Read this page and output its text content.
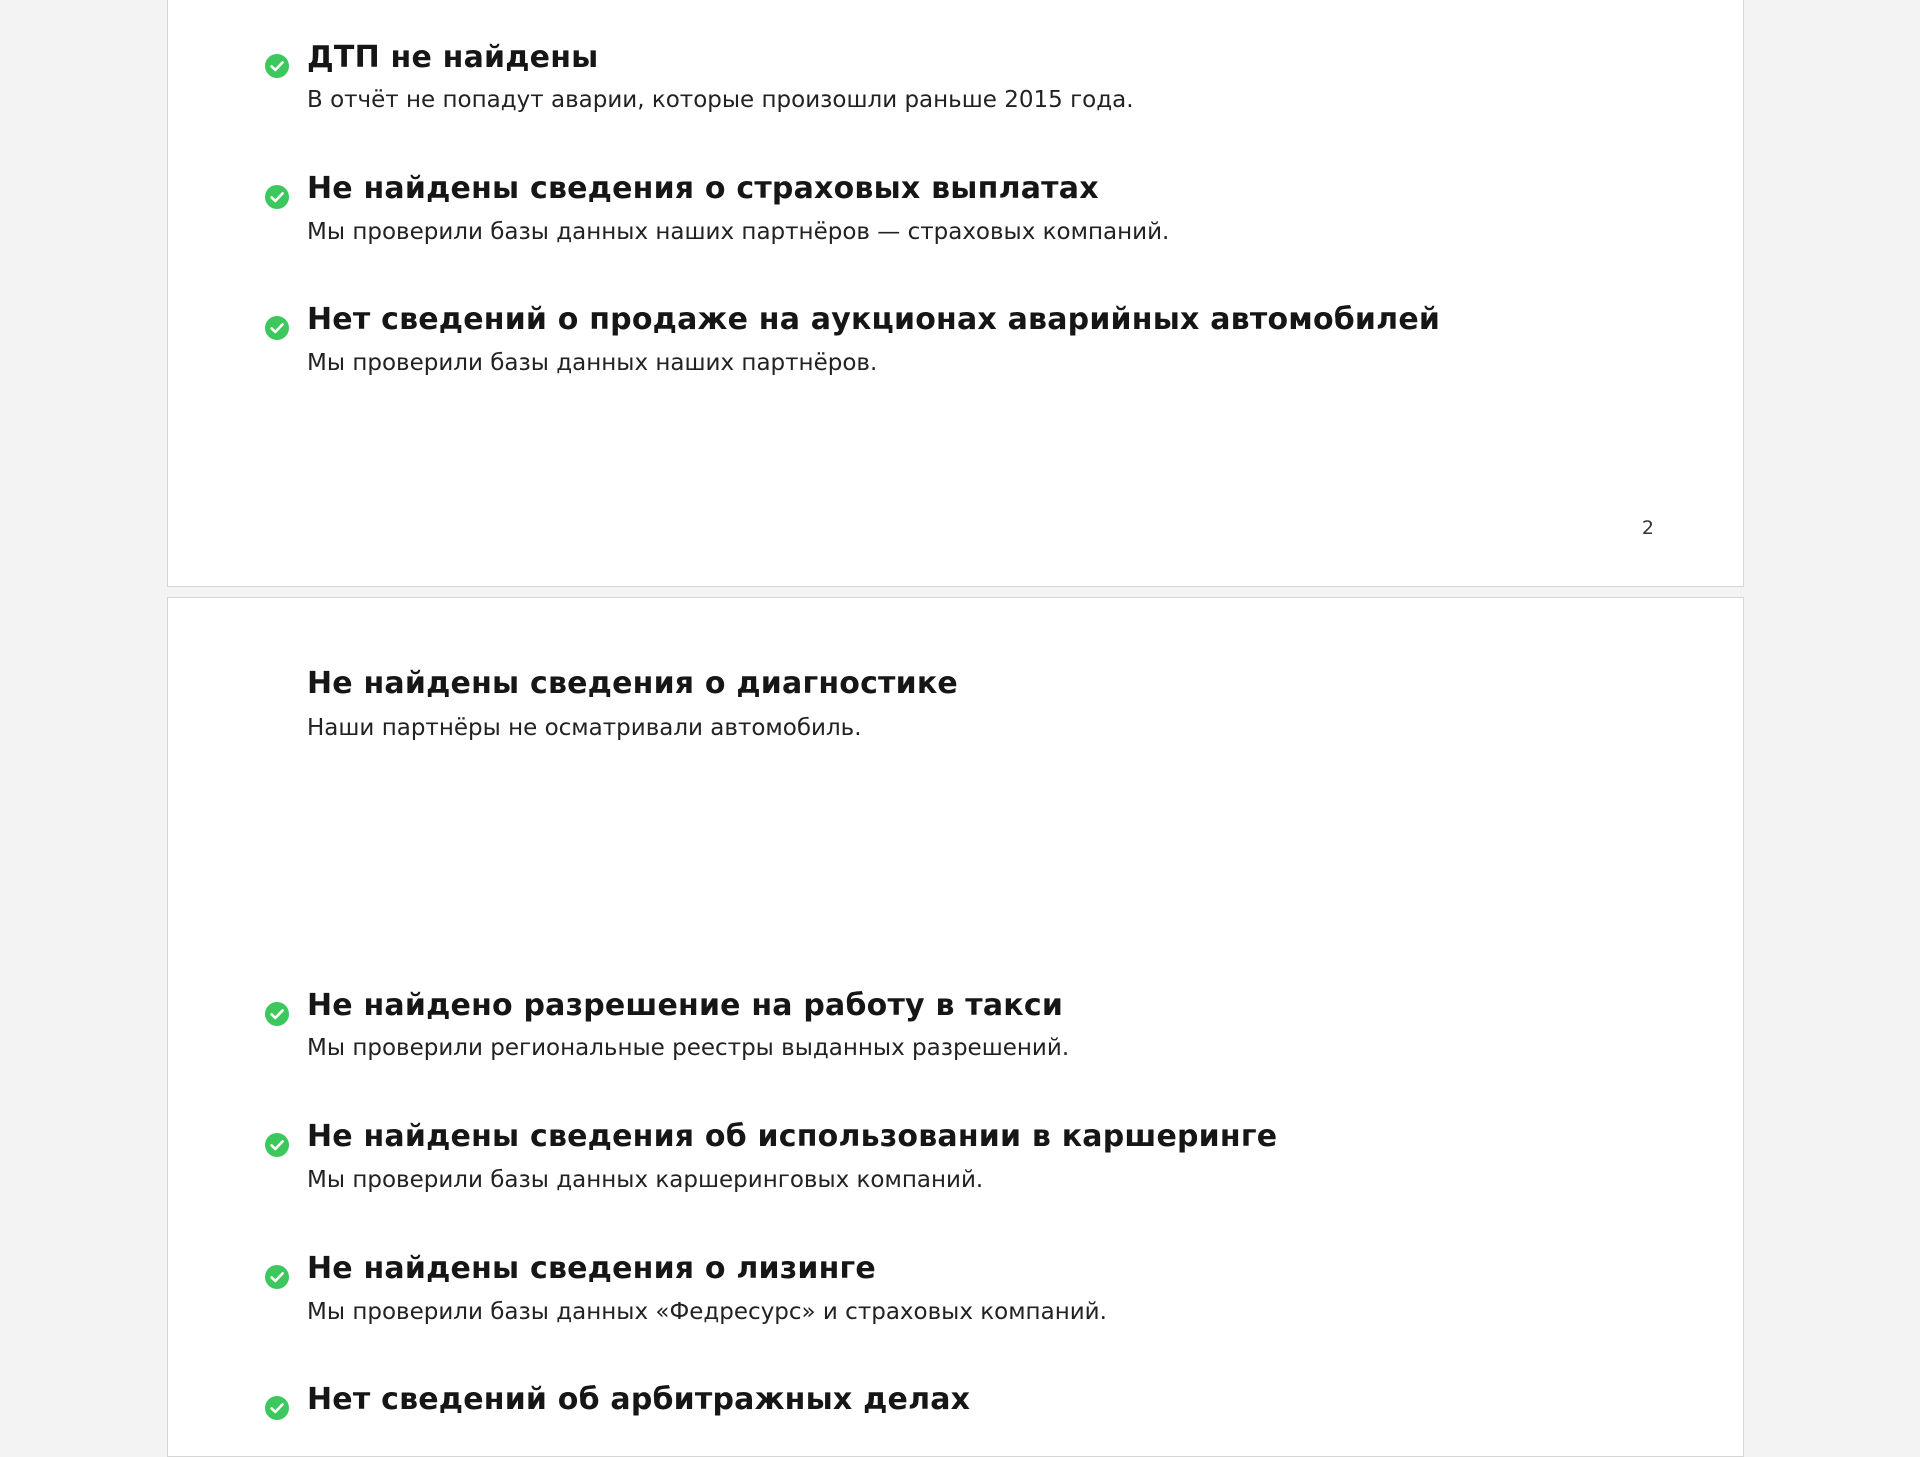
ДТП не найдены

В отчёт не попадут аварии, которые произошли раньше 2015 года.

Не найдены сведения о страховых выплатах

Мы проверили базы данных наших партнёров — страховых компаний.

Нет сведений о продаже на аукционах аварийных автомобилей

Мы проверили базы данных наших партнёров.

2
Не найдены сведения о диагностике

Наши партнёры не осматривали автомобиль.

Не найдено разрешение на работу в такси

Мы проверили региональные реестры выданных разрешений.

Не найдены сведения об использовании в каршеринге

Мы проверили базы данных каршеринговых компаний.

Не найдены сведения о лизинге

Мы проверили базы данных «Федресурс» и страховых компаний.

Нет сведений об арбитражных делах
